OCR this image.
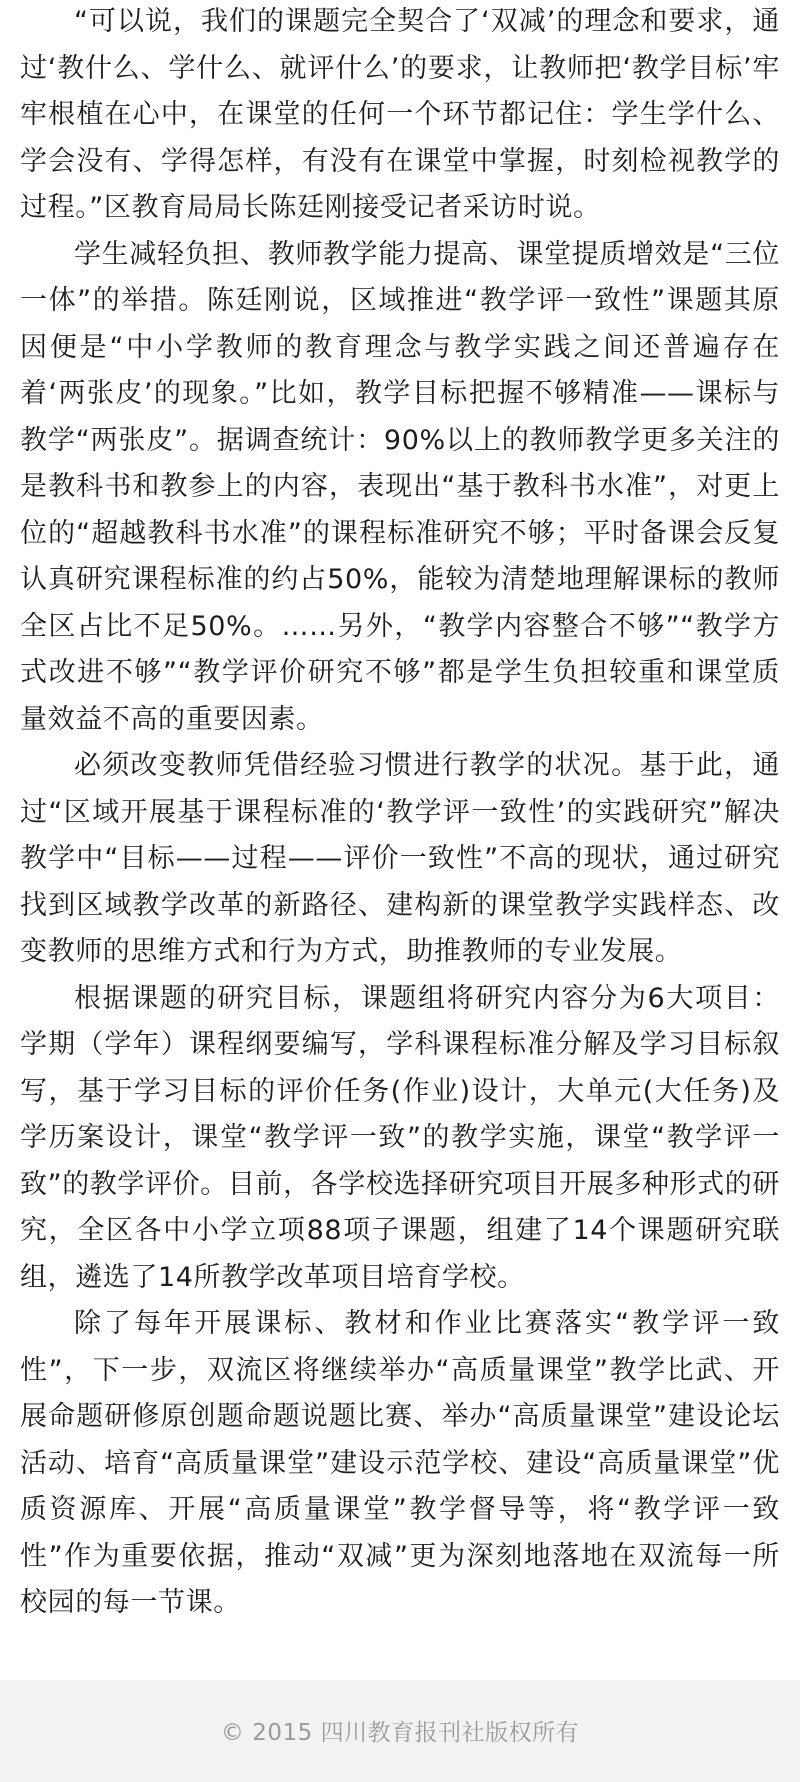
“可以说，我们的课题完全契合了‘双减’的理念和要求，通过‘教什么、学什么、就评什么’的要求，让教师把‘教学目标’牢牢根植在心中，在课堂的任何一个环节都记住：学生学什么、学会没有、学得怎样，有没有在课堂中掌握，时刻检视教学的过程。”区教育局局长陈廷刚接受记者采访时说。

学生减轻负担、教师教学能力提高、课堂提质增效是“三位一体”的举措。陈廷刚说，区域推进“教学评一致性”课题其原因便是“中小学教师的教育理念与教学实践之间还普遍存在着‘两张皮’的现象。”比如，教学目标把握不够精准——课标与教学“两张皮”。据调查统计：90%以上的教师教学更多关注的是教科书和教参上的内容，表现出“基于教科书水准”，对更上位的“超越教科书水准”的课程标准研究不够；平时备课会反复认真研究课程标准的约占50%，能较为清楚地理解课标的教师全区占比不足50%。……另外，“教学内容整合不够”“教学方式改进不够”“教学评价研究不够”都是学生负担较重和课堂质量效益不高的重要因素。

必须改变教师凭借经验习惯进行教学的状况。基于此，通过“区域开展基于课程标准的‘教学评一致性’的实践研究”解决教学中“目标——过程——评价一致性”不高的现状，通过研究找到区域教学改革的新路径、建构新的课堂教学实践样态、改变教师的思维方式和行为方式，助推教师的专业发展。

根据课题的研究目标，课题组将研究内容分为6大项目：学期（学年）课程纲要编写，学科课程标准分解及学习目标叙写，基于学习目标的评价任务(作业)设计，大单元(大任务)及学历案设计，课堂“教学评一致”的教学实施，课堂“教学评一致”的教学评价。目前，各学校选择研究项目开展多种形式的研究，全区各中小学立项88项子课题，组建了14个课题研究联组，遴选了14所教学改革项目培育学校。

除了每年开展课标、教材和作业比赛落实“教学评一致性”，下一步，双流区将继续举办“高质量课堂”教学比武、开展命题研修原创题命题说题比赛、举办“高质量课堂”建设论坛活动、培育“高质量课堂”建设示范学校、建设“高质量课堂”优质资源库、开展“高质量课堂”教学督导等，将“教学评一致性”作为重要依据，推动“双减”更为深刻地落地在双流每一所校园的每一节课。

© 2015 四川教育报刊社版权所有
